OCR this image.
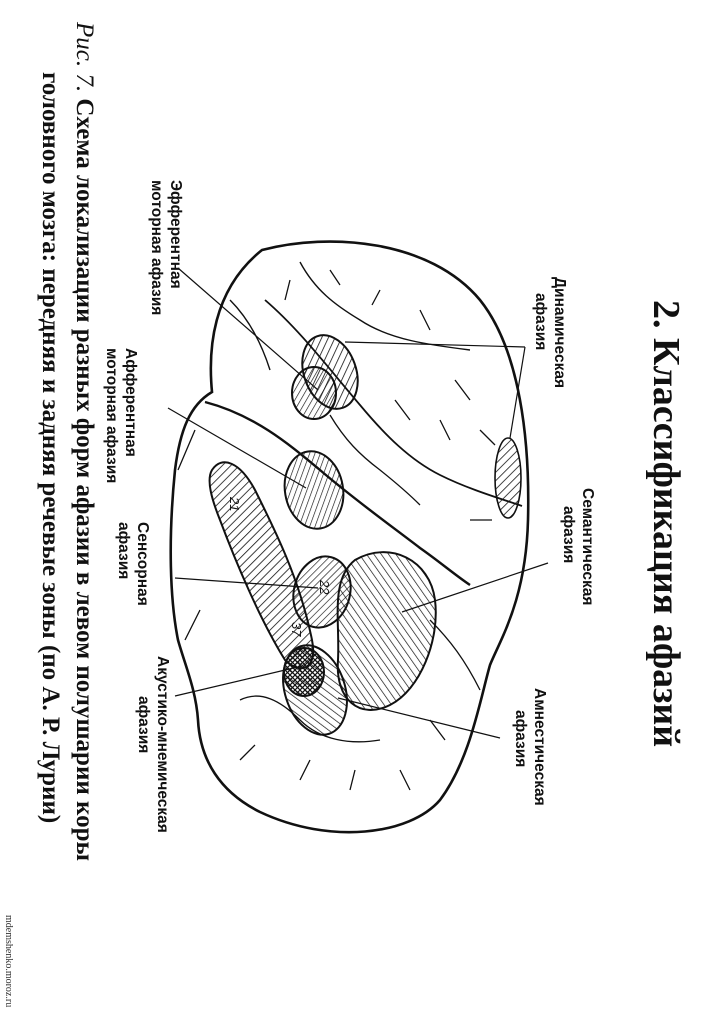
21
22
37	2. Классификация афазий
Динамическая
афазия
Эфферентная
моторная афазия
Афферентная
моторная афазия
Семантическая
афазия
Сенсорная
афазия
Акустико-мнемическая
афазия	Амнестическая
афазия
Рис. 7. Схема локализации разных форм афазии в левом полушарии коры
головного мозга: передняя и задняя речевые зоны (по А. Р. Лурии)
mdemshenko.moroz.ru
